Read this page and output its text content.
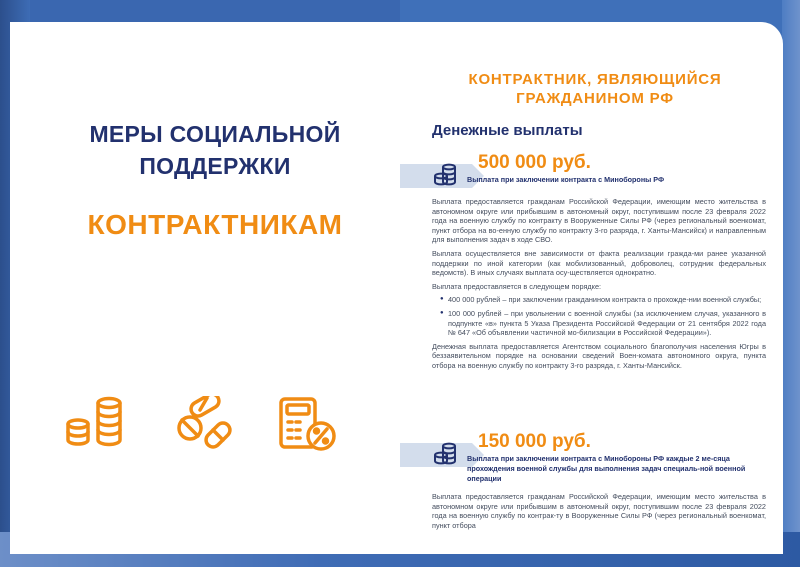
21
МЕРЫ СОЦИАЛЬНОЙ
ПОДДЕРЖКИ
КОНТРАКТНИКАМ
КОНТРАКТНИК, ЯВЛЯЮЩИЙСЯ
ГРАЖДАНИНОМ РФ
Денежные выплаты
500 000 руб.
Выплата при заключении контракта с Минобороны РФ

Выплата предоставляется гражданам Российской Федерации, имеющим место жительства в автономном округе или прибывшим в автономный округ, поступившим после 23 февраля 2022 года на военную службу по контракту в Вооруженные Силы РФ (через региональный военкомат, пункт отбора на во-енную службу по контракту 3-го разряда, г. Ханты-Мансийск) и направленным для выполнения задач в ходе СВО.

Выплата осуществляется вне зависимости от факта реализации гражда-ми ранее указанной поддержки по иной категории (как мобилизованный, доброволец, сотрудник федеральных ведомств). В иных случаях выплата осу-ществляется однократно.

Выплата предоставляется в следующем порядке:

● 400 000 рублей – при заключении гражданином контракта о прохожде-нии военной службы;
● 100 000 рублей – при увольнении с военной службы (за исключением случая, указанного в подпункте «в» пункта 5 Указа Президента Российской Федерации от 21 сентября 2022 года № 647 «Об объявлении частичной мо-билизации в Российской Федерации»).

Денежная выплата предоставляется Агентством социального благополучия населения Югры в беззаявительном порядке на основании сведений Воен-комата автономного округа, пункта отбора на военную службу по контракту 3-го разряда, г. Ханты-Мансийск.

150 000 руб.
Выплата при заключении контракта с Минобороны РФ каждые 2 ме-сяца прохождения военной службы для выполнения задач специаль-ной военной операции

Выплата предоставляется гражданам Российской Федерации, имеющим место жительства в автономном округе или прибывшим в автономный округ, поступившим после 23 февраля 2022 года на военную службу по контрак-ту в Вооруженные Силы РФ (через региональный военкомат, пункт отбора
